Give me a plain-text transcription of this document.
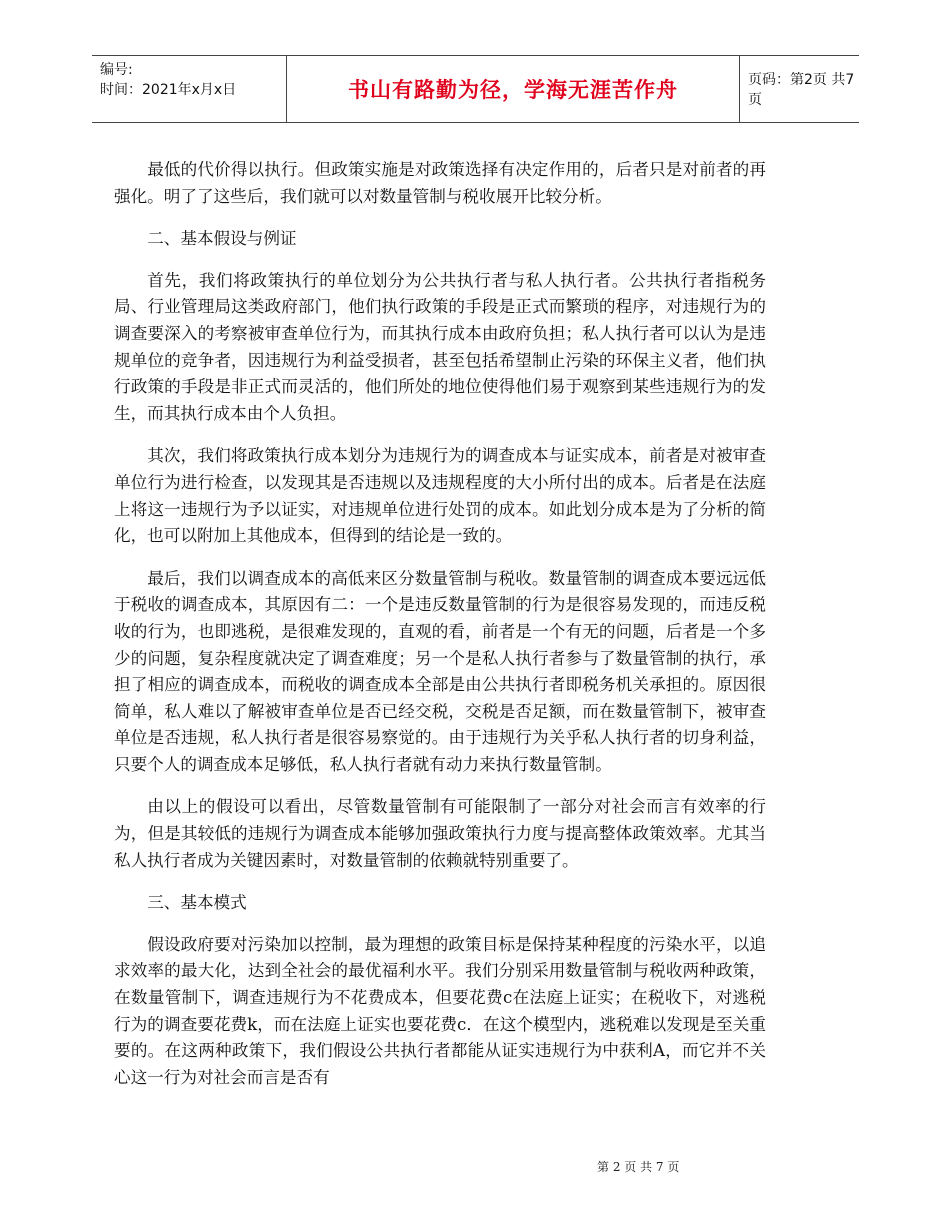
编号:
时间：2021年x月x日	书山有路勤为径，学海无涯苦作舟	页码：第2页 共7页

最低的代价得以执行。但政策实施是对政策选择有决定作用的，后者只是对前者的再强化。明了了这些后，我们就可以对数量管制与税收展开比较分析。

二、基本假设与例证

首先，我们将政策执行的单位划分为公共执行者与私人执行者。公共执行者指税务局、行业管理局这类政府部门，他们执行政策的手段是正式而繁琐的程序，对违规行为的调查要深入的考察被审查单位行为，而其执行成本由政府负担；私人执行者可以认为是违规单位的竞争者，因违规行为利益受损者，甚至包括希望制止污染的环保主义者，他们执行政策的手段是非正式而灵活的，他们所处的地位使得他们易于观察到某些违规行为的发生，而其执行成本由个人负担。

其次，我们将政策执行成本划分为违规行为的调查成本与证实成本，前者是对被审查单位行为进行检查，以发现其是否违规以及违规程度的大小所付出的成本。后者是在法庭上将这一违规行为予以证实，对违规单位进行处罚的成本。如此划分成本是为了分析的简化，也可以附加上其他成本，但得到的结论是一致的。

最后，我们以调查成本的高低来区分数量管制与税收。数量管制的调查成本要远远低于税收的调查成本，其原因有二：一个是违反数量管制的行为是很容易发现的，而违反税收的行为，也即逃税，是很难发现的，直观的看，前者是一个有无的问题，后者是一个多少的问题，复杂程度就决定了调查难度；另一个是私人执行者参与了数量管制的执行，承担了相应的调查成本，而税收的调查成本全部是由公共执行者即税务机关承担的。原因很简单，私人难以了解被审查单位是否已经交税，交税是否足额，而在数量管制下，被审查单位是否违规，私人执行者是很容易察觉的。由于违规行为关乎私人执行者的切身利益，只要个人的调查成本足够低，私人执行者就有动力来执行数量管制。

由以上的假设可以看出，尽管数量管制有可能限制了一部分对社会而言有效率的行为，但是其较低的违规行为调查成本能够加强政策执行力度与提高整体政策效率。尤其当私人执行者成为关键因素时，对数量管制的依赖就特别重要了。

三、基本模式

假设政府要对污染加以控制，最为理想的政策目标是保持某种程度的污染水平，以追求效率的最大化，达到全社会的最优福利水平。我们分别采用数量管制与税收两种政策，在数量管制下，调查违规行为不花费成本，但要花费c在法庭上证实；在税收下，对逃税行为的调查要花费k，而在法庭上证实也要花费c．在这个模型内，逃税难以发现是至关重要的。在这两种政策下，我们假设公共执行者都能从证实违规行为中获利A，而它并不关心这一行为对社会而言是否有

第 2 页 共 7 页
